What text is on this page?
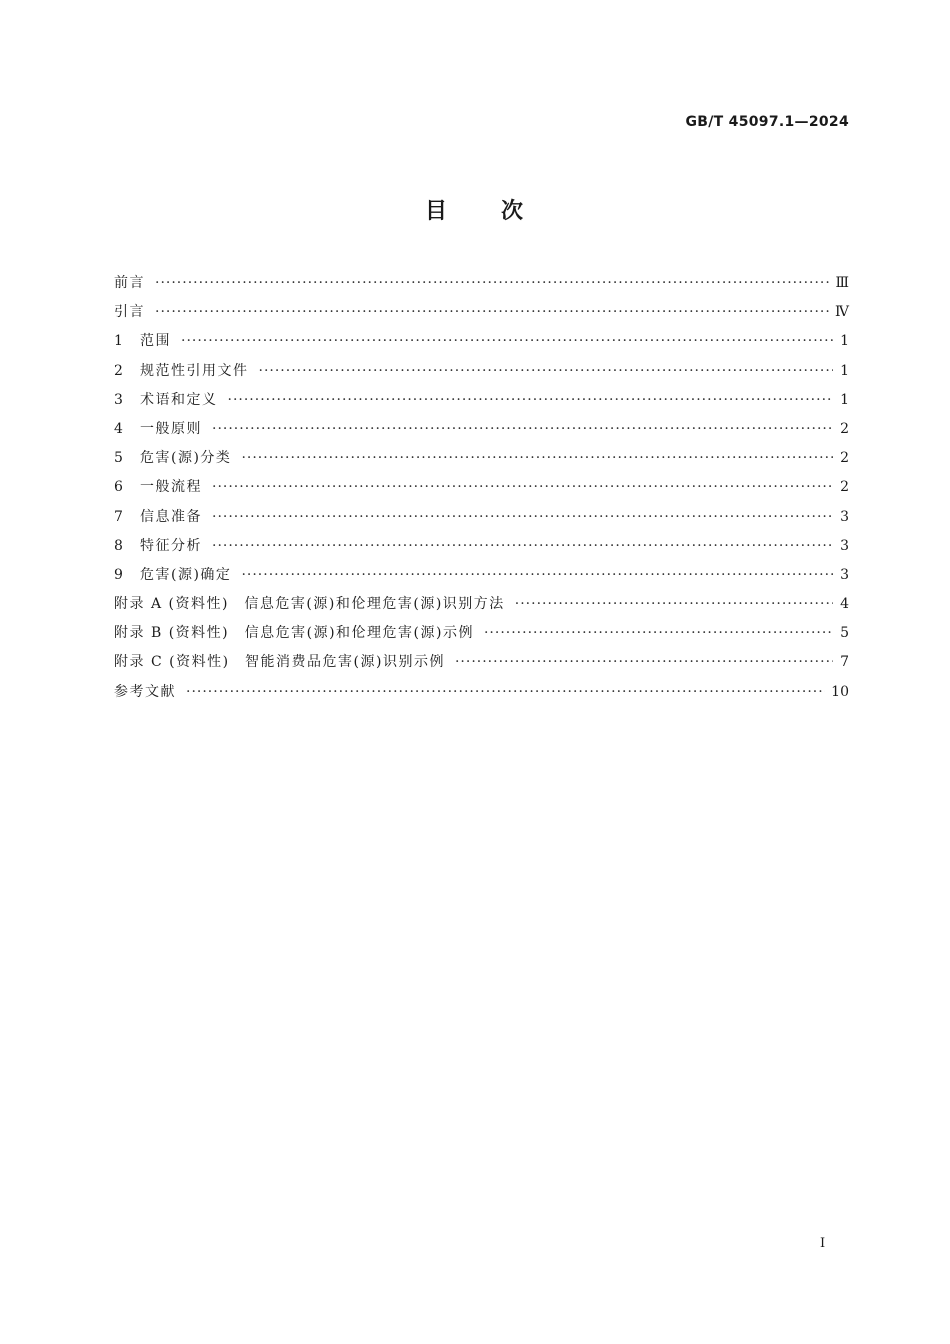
GB/T 45097.1—2024
目 次
前言 ·····	Ⅲ
引言 ·····	Ⅳ
1	范围 ·····	1
2	规范性引用文件 ·····	1
3	术语和定义 ·····	1
4	一般原则 ·····	2
5	危害(源)分类 ·····	2
6	一般流程 ·····	2
7	信息准备 ·····	3
8	特征分析 ·····	3
9	危害(源)确定 ·····	3
附录 A (资料性)　信息危害(源)和伦理危害(源)识别方法 ·····	4
附录 B (资料性)　信息危害(源)和伦理危害(源)示例 ·····	5
附录 C (资料性)　智能消费品危害(源)识别示例 ·····	7
参考文献 ·····	10
Ⅰ
